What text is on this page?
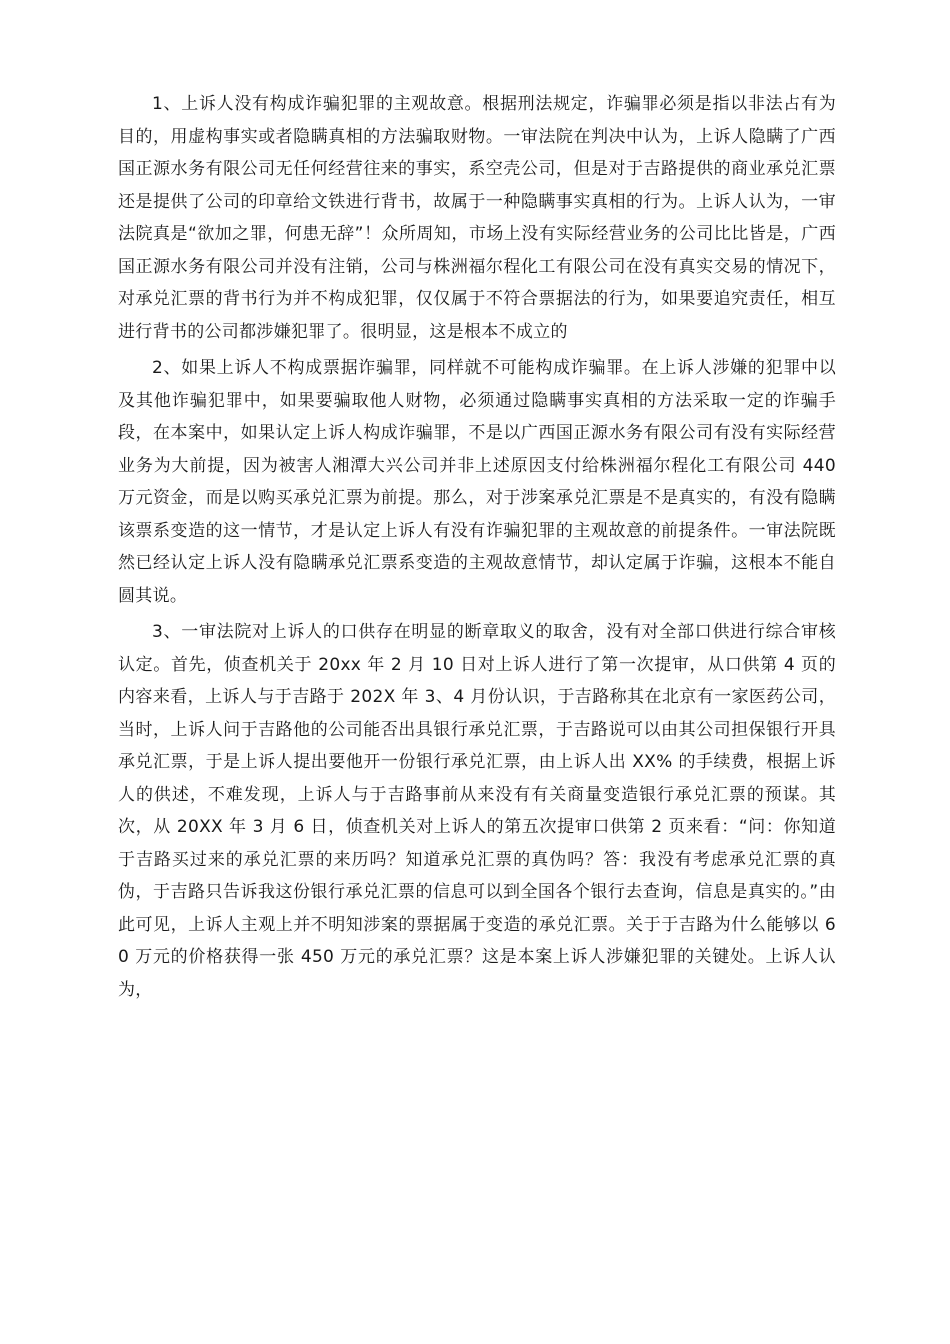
1、上诉人没有构成诈骗犯罪的主观故意。根据刑法规定，诈骗罪必须是指以非法占有为目的，用虚构事实或者隐瞒真相的方法骗取财物。一审法院在判决中认为，上诉人隐瞒了广西国正源水务有限公司无任何经营往来的事实，系空壳公司，但是对于吉路提供的商业承兑汇票还是提供了公司的印章给文铁进行背书，故属于一种隐瞒事实真相的行为。上诉人认为，一审法院真是“欲加之罪，何患无辞”！众所周知，市场上没有实际经营业务的公司比比皆是，广西国正源水务有限公司并没有注销，公司与株洲福尔程化工有限公司在没有真实交易的情况下，对承兑汇票的背书行为并不构成犯罪，仅仅属于不符合票据法的行为，如果要追究责任，相互进行背书的公司都涉嫌犯罪了。很明显，这是根本不成立的

2、如果上诉人不构成票据诈骗罪，同样就不可能构成诈骗罪。在上诉人涉嫌的犯罪中以及其他诈骗犯罪中，如果要骗取他人财物，必须通过隐瞒事实真相的方法采取一定的诈骗手段，在本案中，如果认定上诉人构成诈骗罪，不是以广西国正源水务有限公司有没有实际经营业务为大前提，因为被害人湘潭大兴公司并非上述原因支付给株洲福尔程化工有限公司 440 万元资金，而是以购买承兑汇票为前提。那么，对于涉案承兑汇票是不是真实的，有没有隐瞒该票系变造的这一情节，才是认定上诉人有没有诈骗犯罪的主观故意的前提条件。一审法院既然已经认定上诉人没有隐瞒承兑汇票系变造的主观故意情节，却认定属于诈骗，这根本不能自圆其说。

3、一审法院对上诉人的口供存在明显的断章取义的取舍，没有对全部口供进行综合审核认定。首先，侦查机关于 20xx 年 2 月 10 日对上诉人进行了第一次提审，从口供第 4 页的内容来看，上诉人与于吉路于 202X 年 3、4 月份认识，于吉路称其在北京有一家医药公司，当时，上诉人问于吉路他的公司能否出具银行承兑汇票，于吉路说可以由其公司担保银行开具承兑汇票，于是上诉人提出要他开一份银行承兑汇票，由上诉人出 XX% 的手续费，根据上诉人的供述，不难发现，上诉人与于吉路事前从来没有有关商量变造银行承兑汇票的预谋。其次，从 20XX 年 3 月 6 日，侦查机关对上诉人的第五次提审口供第 2 页来看：“问：你知道于吉路买过来的承兑汇票的来历吗？知道承兑汇票的真伪吗？答：我没有考虑承兑汇票的真伪，于吉路只告诉我这份银行承兑汇票的信息可以到全国各个银行去查询，信息是真实的。”由此可见，上诉人主观上并不明知涉案的票据属于变造的承兑汇票。关于于吉路为什么能够以 60 万元的价格获得一张 450 万元的承兑汇票？这是本案上诉人涉嫌犯罪的关键处。上诉人认为，
